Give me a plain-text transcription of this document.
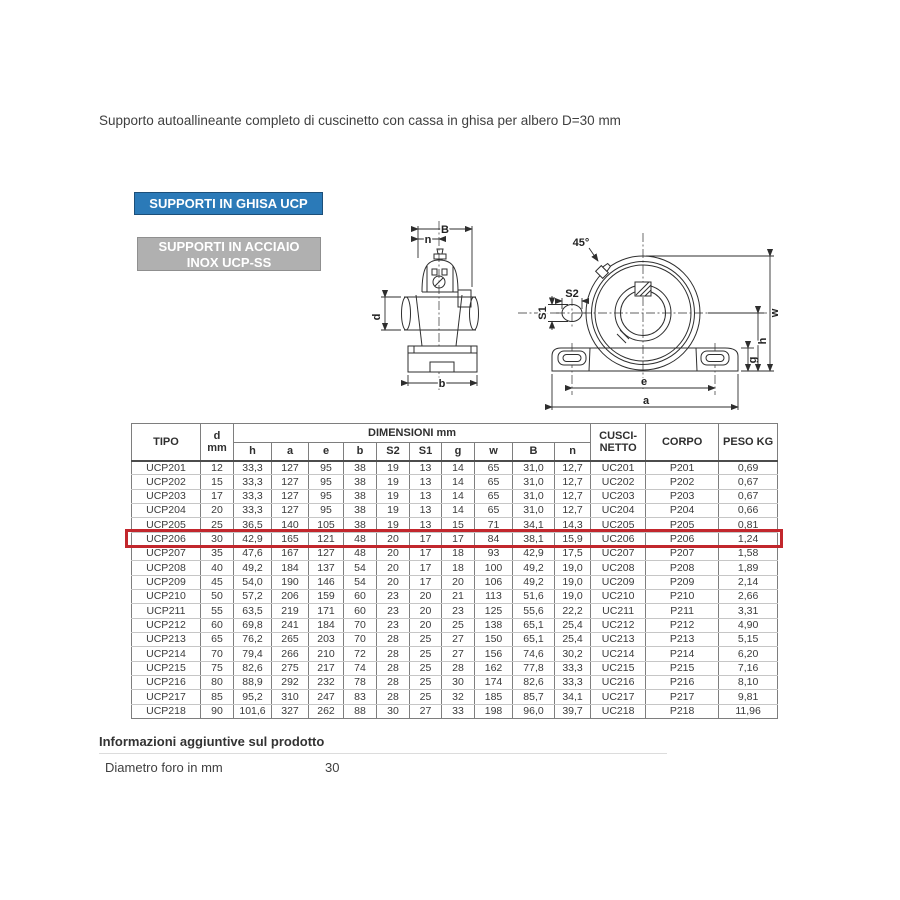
Supporto autoallineante completo di cuscinetto con cassa in ghisa per albero D=30 mm
SUPPORTI IN GHISA UCP
SUPPORTI IN ACCIAIO
INOX UCP-SS
B
n
d
b
45°
S2
S1
e
a
g
h
w
TIPO	d
mm
	DIMENSIONI mm	CUSCI-
NETTO	CORPO	PESO KG
		h	a	e	b	S2	S1	g	w	B	n			
UCP201	12	33,3	127	95	38	19	13	14	65	31,0	12,7	UC201	P201	0,69
UCP202	15	33,3	127	95	38	19	13	14	65	31,0	12,7	UC202	P202	0,67
UCP203	17	33,3	127	95	38	19	13	14	65	31,0	12,7	UC203	P203	0,67
UCP204	20	33,3	127	95	38	19	13	14	65	31,0	12,7	UC204	P204	0,66
UCP205	25	36,5	140	105	38	19	13	15	71	34,1	14,3	UC205	P205	0,81
UCP206	30	42,9	165	121	48	20	17	17	84	38,1	15,9	UC206	P206	1,24
UCP207	35	47,6	167	127	48	20	17	18	93	42,9	17,5	UC207	P207	1,58
UCP208	40	49,2	184	137	54	20	17	18	100	49,2	19,0	UC208	P208	1,89
UCP209	45	54,0	190	146	54	20	17	20	106	49,2	19,0	UC209	P209	2,14
UCP210	50	57,2	206	159	60	23	20	21	113	51,6	19,0	UC210	P210	2,66
UCP211	55	63,5	219	171	60	23	20	23	125	55,6	22,2	UC211	P211	3,31
UCP212	60	69,8	241	184	70	23	20	25	138	65,1	25,4	UC212	P212	4,90
UCP213	65	76,2	265	203	70	28	25	27	150	65,1	25,4	UC213	P213	5,15
UCP214	70	79,4	266	210	72	28	25	27	156	74,6	30,2	UC214	P214	6,20
UCP215	75	82,6	275	217	74	28	25	28	162	77,8	33,3	UC215	P215	7,16
UCP216	80	88,9	292	232	78	28	25	30	174	82,6	33,3	UC216	P216	8,10
UCP217	85	95,2	310	247	83	28	25	32	185	85,7	34,1	UC217	P217	9,81
UCP218	90	101,6	327	262	88	30	27	33	198	96,0	39,7	UC218	P218	11,96
Informazioni aggiuntive sul prodotto
Diametro foro in mm	30
